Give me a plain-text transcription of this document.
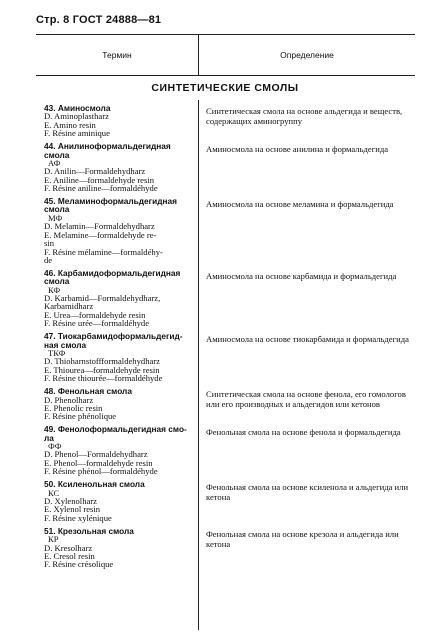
Стр. 8 ГОСТ 24888—81
Термин	Определение
СИНТЕТИЧЕСКИЕ СМОЛЫ
43. Аминосмола
D. Aminoplastharz
E. Amino resin
F. Résine aminique
44. Анилиноформальдегидная
смола
АФ
D. Anilin—Formaldehydharz
E. Aniline—formaldehyde resin
F. Résine aniline—formaldéhyde
45. Меламиноформальдегидная
смола
МФ
D. Melamin—Formaldehydharz
E. Melamine—formaldehyde re-
sin
F. Résine mélamine—formaldéhy-
de
46. Карбамидоформальдегидная
смола
КФ
D. Karbamid—Formaldehydharz,
Karbamidharz
E. Urea—formaldehyde resin
F. Résine urée—formaldéhyde
47. Тиокарбамидоформальдегид-
ная смола
ТКФ
D. Thioharnstoffformaldehydharz
E. Thiourea—formaldehyde resin
F. Résine thiourée—formaldéhyde
48. Фенольная смола
D. Phenolharz
E. Phenolic resin
F. Résine phénolique
49. Фенолоформальдегидная смо-
ла
ФФ
D. Phenol—Formaldehydharz
E. Phenol—formaldehyde resin
F. Résine phénol—formaldéhyde
50. Ксиленольная смола
КС
D. Xylenolharz
E. Xylenol resin
F. Résine xylénique
51. Крезольная смола
КР
D. Kresolharz
E. Cresol resin
F. Résine crésolique
Синтетическая смола на основе альдегида и веществ, содержащих аминогруппу
Аминосмола на основе анилина и формальдегида
Аминосмола на основе меламина и формальдегида
Аминосмола на основе карбамида и формальдегида
Аминосмола на основе тиокарбамида и формальдегида
Синтетическая смола на основе фенола, его гомологов или его производных и альдегидов или кетонов
Фенольная смола на основе фенола и формальдегида
Фенольная смола на основе ксиленола и альдегида или кетона
Фенольная смола на основе крезола и альдегида или кетона
